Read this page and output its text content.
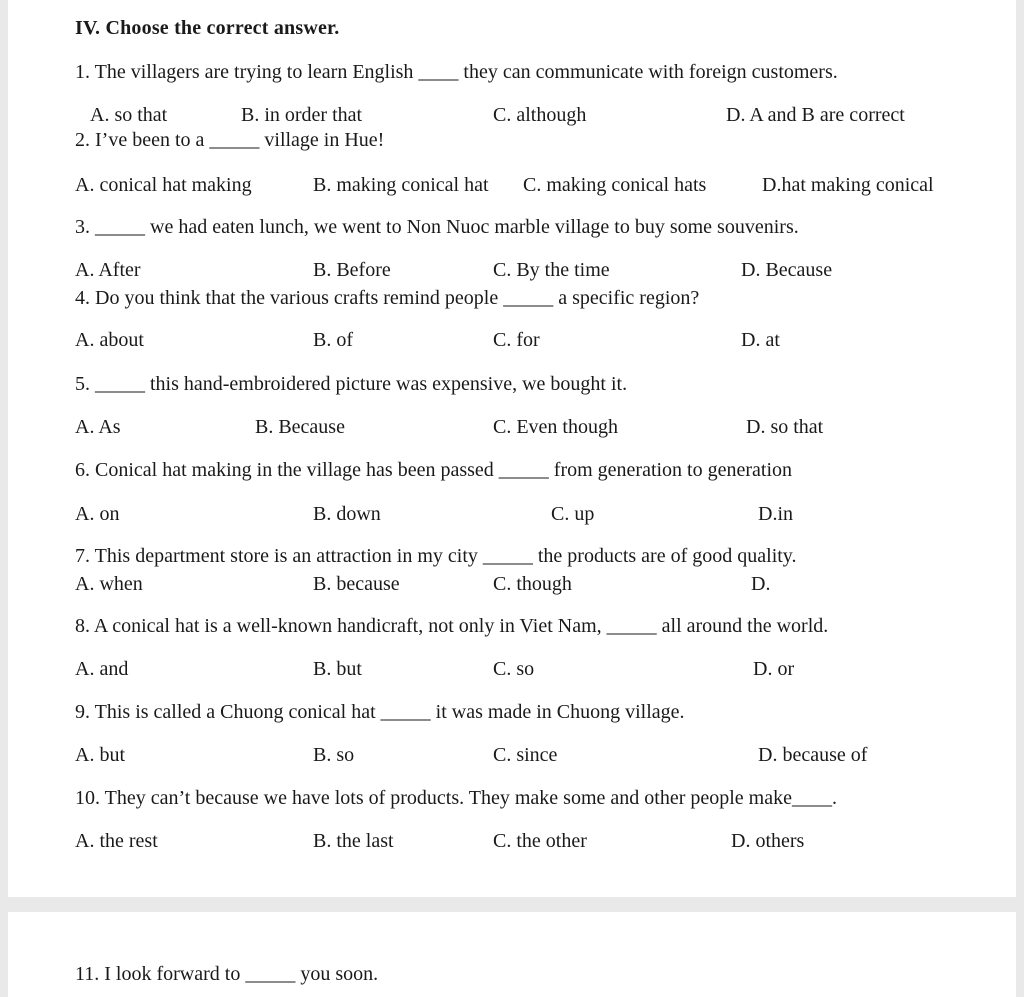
IV. Choose the correct answer.
1. The villagers are trying to learn English ____ they can communicate with foreign customers.
A. so that	B. in order that	C. although	D. A and B are correct
2. I’ve been to a _____ village in Hue!
A. conical hat making	B. making conical hat C. making conical hats	D.hat making conical
3. _____ we had eaten lunch, we went to Non Nuoc marble village to buy some souvenirs.
A. After	B. Before	C. By the time	D. Because
4. Do you think that the various crafts remind people _____ a specific region?
A. about	B. of	C. for	D. at
5. _____ this hand-embroidered picture was expensive, we bought it.
A. As	B. Because	C. Even though	D. so that
6. Conical hat making in the village has been passed _____ from generation to generation
A. on	B. down	C. up	D.in
7. This department store is an attraction in my city _____ the products are of good quality.
A. when	B. because	C. though	D.
8. A conical hat is a well-known handicraft, not only in Viet Nam, _____ all around the world.
A. and	B. but	C. so	D. or
9. This is called a Chuong conical hat _____ it was made in Chuong village.
A. but	B. so	C. since	D. because of
10. They can’t because we have lots of products. They make some and other people make____.
A. the rest	B. the last	C. the other	D. others
11. I look forward to _____ you soon.
